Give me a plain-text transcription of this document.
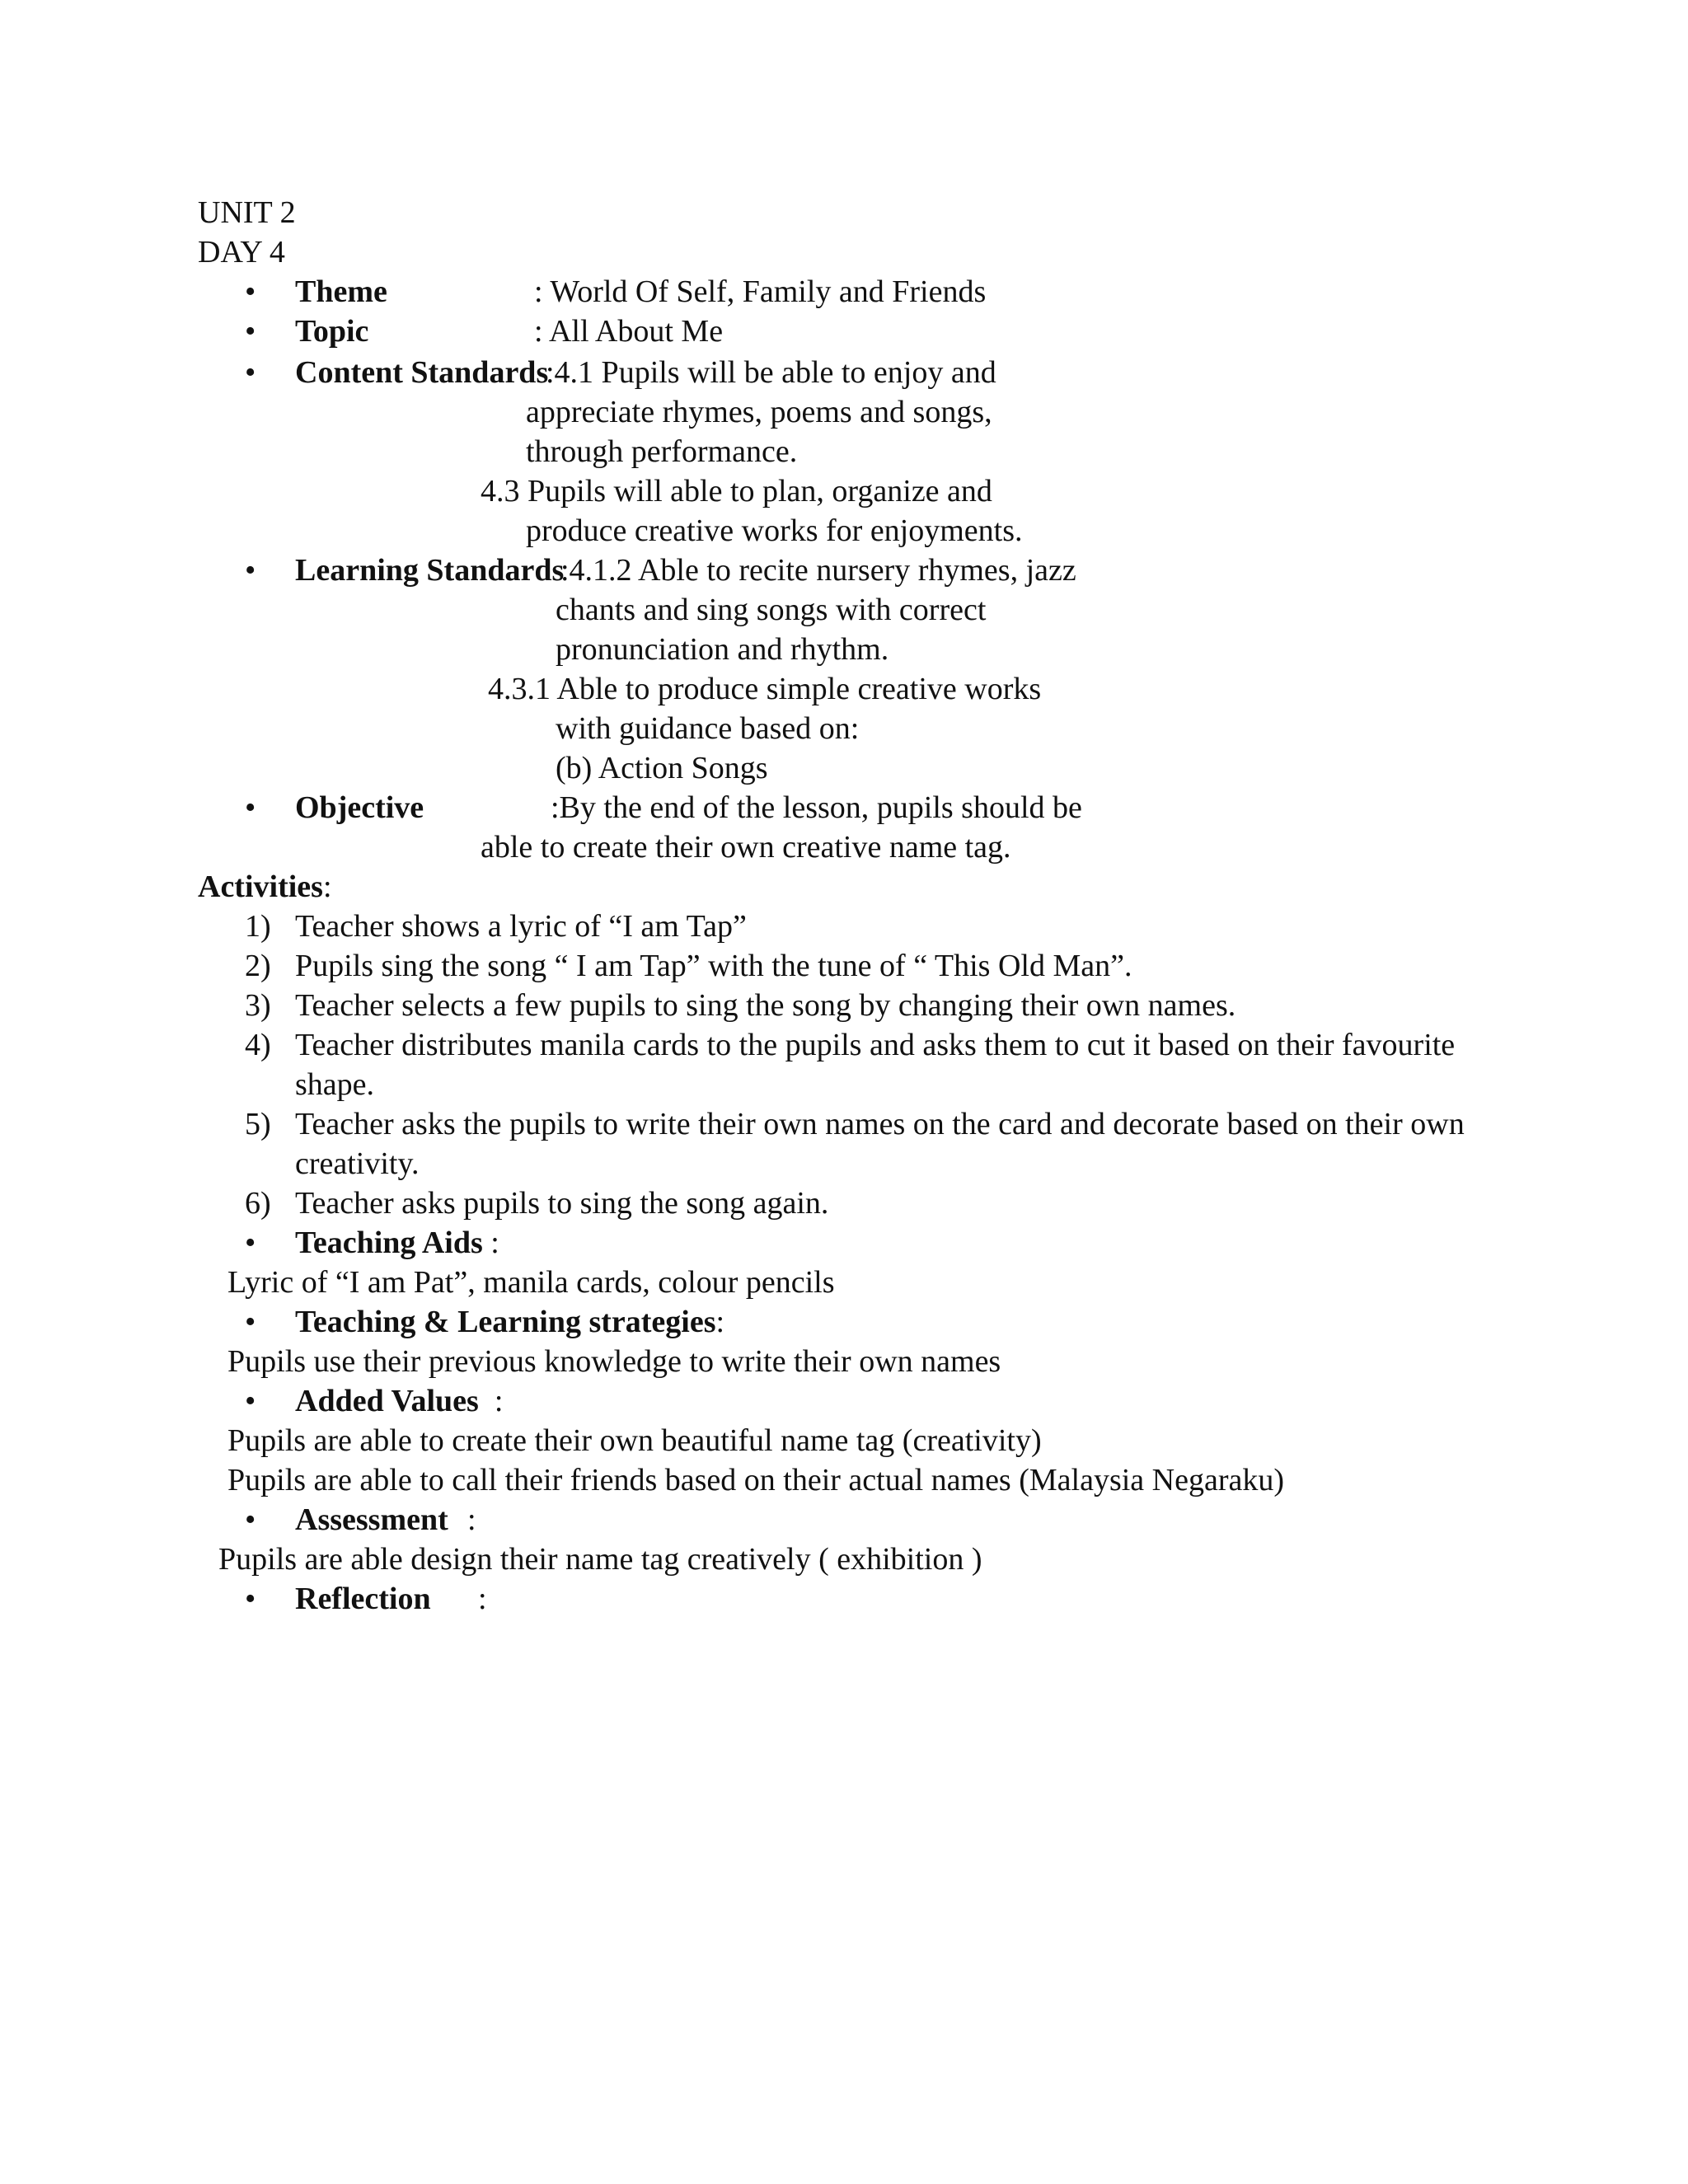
UNIT 2
DAY 4
• Theme	: World Of Self, Family and Friends
• Topic	: All About Me
• Content Standards
:4.1 Pupils will be able to enjoy and
appreciate rhymes, poems and songs,
through performance.
4.3 Pupils will able to plan, organize and
produce creative works for enjoyments.
• Learning Standards
:4.1.2 Able to recite nursery rhymes, jazz
chants and sing songs with correct
pronunciation and rhythm.
4.3.1 Able to produce simple creative works
with guidance based on:
(b) Action Songs
• Objective	:By the end of the lesson, pupils should be
able to create their own creative name tag.
Activities:
1) Teacher shows a lyric of “I am Tap”
2) Pupils sing the song “ I am Tap” with the tune of “ This Old Man”.
3) Teacher selects a few pupils to sing the song by changing their own names.
4) Teacher distributes manila cards to the pupils and asks them to cut it based on their favourite
shape.
5) Teacher asks the pupils to write their own names on the card and decorate based on their own
creativity.
6) Teacher asks pupils to sing the song again.
• Teaching Aids :
Lyric of “I am Pat”, manila cards, colour pencils
• Teaching & Learning strategies:
Pupils use their previous knowledge to write their own names
• Added Values  :
Pupils are able to create their own beautiful name tag (creativity)
Pupils are able to call their friends based on their actual names (Malaysia Negaraku)
• Assessment :
Pupils are able design their name tag creatively ( exhibition )
• Reflection :
